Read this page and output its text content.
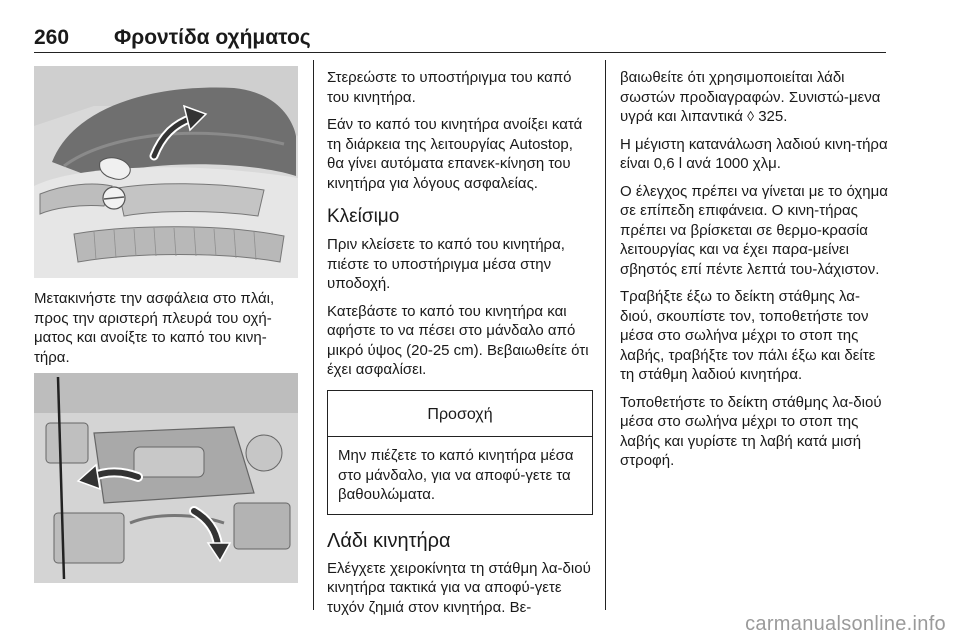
260 Φροντίδα οχήματος

Μετακινήστε την ασφάλεια στο πλάι, προς την αριστερή πλευρά του οχή-ματος και ανοίξτε το καπό του κινη-τήρα.

Στερεώστε το υποστήριγμα του καπό του κινητήρα.

Εάν το καπό του κινητήρα ανοίξει κατά τη διάρκεια της λειτουργίας Autostop, θα γίνει αυτόματα επανεκ-κίνηση του κινητήρα για λόγους ασφαλείας.

Κλείσιμο

Πριν κλείσετε το καπό του κινητήρα, πιέστε το υποστήριγμα μέσα στην υποδοχή.

Κατεβάστε το καπό του κινητήρα και αφήστε το να πέσει στο μάνδαλο από μικρό ύψος (20-25 cm). Βεβαιωθείτε ότι έχει ασφαλίσει.

Προσοχή
Μην πιέζετε το καπό κινητήρα μέσα στο μάνδαλο, για να αποφύ-γετε τα βαθουλώματα.
Λάδι κινητήρα

Ελέγχετε χειροκίνητα τη στάθμη λα-διού κινητήρα τακτικά για να αποφύ-γετε τυχόν ζημιά στον κινητήρα. Βε-

βαιωθείτε ότι χρησιμοποιείται λάδι σωστών προδιαγραφών. Συνιστώ-μενα υγρά και λιπαντικά ◊ 325.

Η μέγιστη κατανάλωση λαδιού κινη-τήρα είναι 0,6 l ανά 1000 χλμ.

Ο έλεγχος πρέπει να γίνεται με το όχημα σε επίπεδη επιφάνεια. Ο κινη-τήρας πρέπει να βρίσκεται σε θερμο-κρασία λειτουργίας και να έχει παρα-μείνει σβηστός επί πέντε λεπτά του-λάχιστον.

Τραβήξτε έξω το δείκτη στάθμης λα-διού, σκουπίστε τον, τοποθετήστε τον μέσα στο σωλήνα μέχρι το στοπ της λαβής, τραβήξτε τον πάλι έξω και δείτε τη στάθμη λαδιού κινητήρα.

Τοποθετήστε το δείκτη στάθμης λα-διού μέσα στο σωλήνα μέχρι το στοπ της λαβής και γυρίστε τη λαβή κατά μισή στροφή.

carmanualsonline.info
